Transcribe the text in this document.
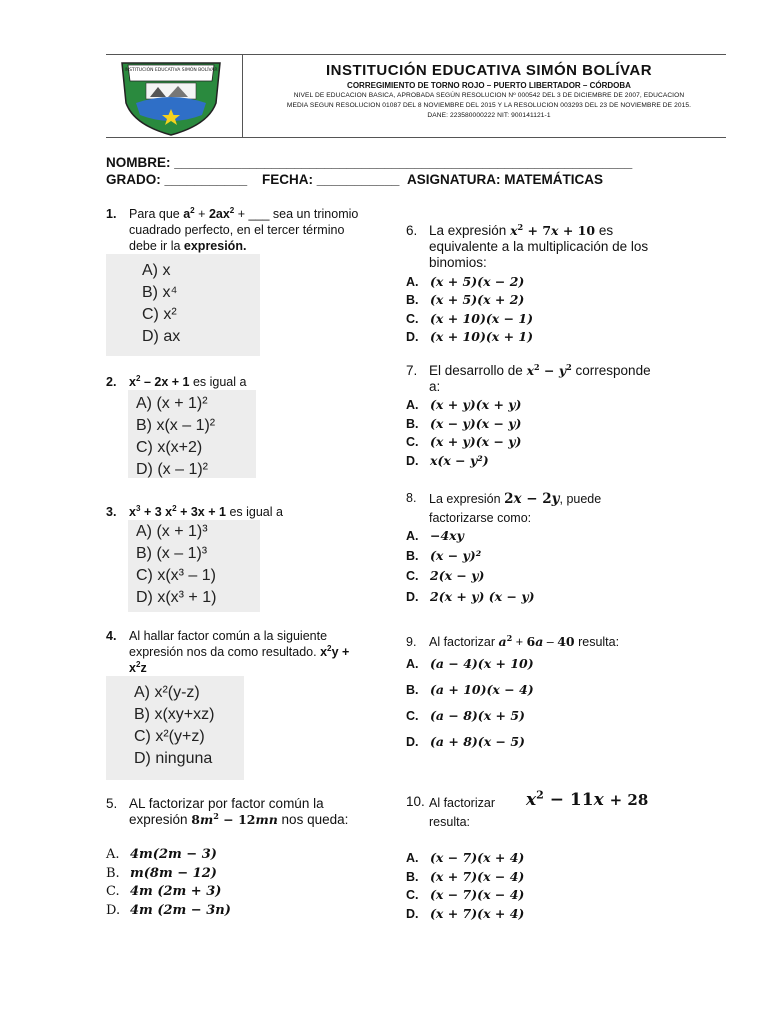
INSTITUCIÓN EDUCATIVA SIMÓN BOLÍVAR	INSTITUCIÓN EDUCATIVA SIMÓN BOLÍVAR
CORREGIMIENTO DE TORNO ROJO – PUERTO LIBERTADOR – CÓRDOBA
NIVEL DE EDUCACION BASICA, APROBADA SEGÚN RESOLUCION Nº 000542 DEL 3 DE DICIEMBRE DE 2007, EDUCACION
MEDIA SEGUN RESOLUCION 01087 DEL 8 NOVIEMBRE DEL 2015 Y LA RESOLUCION 003293 DEL 23 DE NOVIEMBRE DE 2015.
DANE: 223580000222 NIT: 900141121-1
NOMBRE: _____________________________________________________________
GRADO: ___________ FECHA: ___________ ASIGNATURA: MATEMÁTICAS
1. Para que $a^2 + 2ax^2$ + ___ sea un trinomio cuadrado perfecto, en el tercer término debe ir la expresión.
A) x
B) x⁴
C) x²
D) ax
2. $x^2 - 2x + 1$ es igual a
A) (x + 1)²
B) x(x – 1)²
C) x(x+2)
D) (x – 1)²
3. $x^3 + 3$ $x^2 + 3x + 1$ es igual a
A) (x + 1)³
B) (x – 1)³
C) x(x³ – 1)
D) x(x³ + 1)
4. Al hallar factor común a la siguiente expresión nos da como resultado. $x^2y + x^2z$
A) x²(y-z)
B) x(xy+xz)
C) x²(y+z)
D) ninguna
5. AL factorizar por factor común la expresión $8m^2 - 12mn$ nos queda:
A. 4m(2m − 3)
B. m(8m − 12)
C. 4m (2m + 3)
D. 4m (2m − 3n)
6. La expresión $x^2 + 7x + 10$ es equivalente a la multiplicación de los binomios:
A. (x + 5)(x − 2)
B. (x + 5)(x + 2)
C. (x + 10)(x − 1)
D. (x + 10)(x + 1)
7. El desarrollo de $x^2 - y^2$ corresponde a:
A. (x + y)(x + y)
B. (x − y)(x − y)
C. (x + y)(x − y)
D. x(x − y²)
8. La expresión 2x − 2y, puede factorizarse como:
A. −4xy
B. (x − y)²
C. 2(x − y)
D. 2(x + y) (x − y)
9. Al factorizar $a^2 + 6a - 40$ resulta:
A. (a − 4)(x + 10)
B. (a + 10)(x − 4)
C. (a − 8)(x + 5)
D. (a + 8)(x − 5)
10. Al factorizar $x^2 - 11x + 28$
resulta:
A. (x − 7)(x + 4)
B. (x + 7)(x − 4)
C. (x − 7)(x − 4)
D. (x + 7)(x + 4)
